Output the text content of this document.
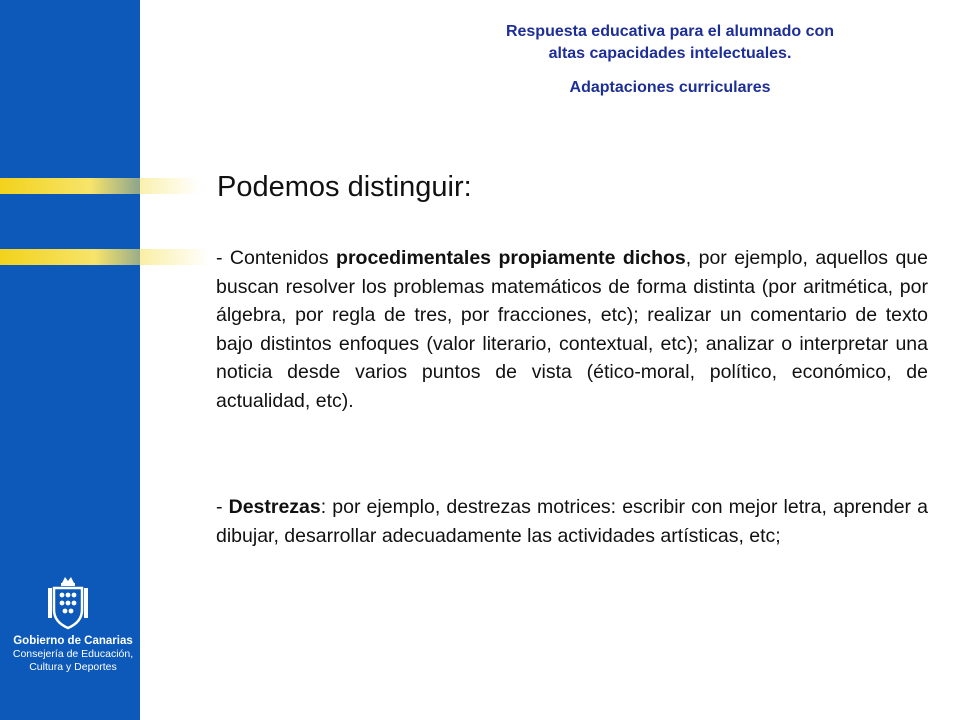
Gobierno de Canarias
Consejería de Educación,
Cultura y Deportes
Respuesta educativa para el alumnado con
altas capacidades intelectuales.
Adaptaciones curriculares
Podemos distinguir:
- Contenidos procedimentales propiamente dichos, por ejemplo, aquellos que buscan resolver los problemas matemáticos de forma distinta (por aritmética, por álgebra, por regla de tres, por fracciones, etc); realizar un comentario de texto bajo distintos enfoques (valor literario, contextual, etc); analizar o interpretar una noticia desde varios puntos de vista (ético-moral, político, económico, de actualidad, etc).
- Destrezas: por ejemplo, destrezas motrices: escribir con mejor letra, aprender a dibujar, desarrollar adecuadamente las actividades artísticas, etc;
